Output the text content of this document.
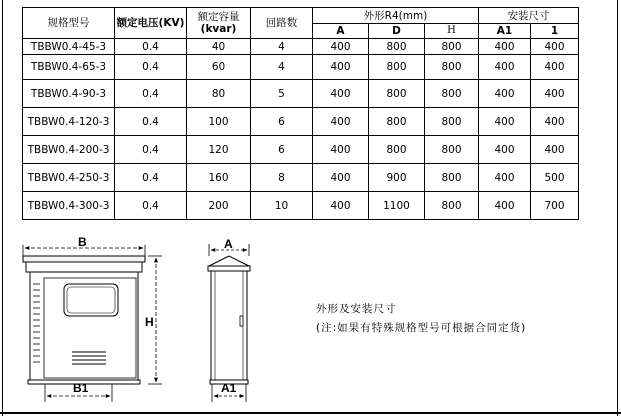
规格型号	额定电压(KV)	额定容量
(kvar)	回路数	外形R4(mm)			安装尺寸	
				A	D	H	A1	1
TBBW0.4-45-3	0.4	40	4	400	800	800	400	400
TBBW0.4-65-3	0.4	60	4	400	800	800	400	400
TBBW0.4-90-3	0.4	80	5	400	800	800	400	400
TBBW0.4-120-3	0.4	100	6	400	800	800	400	400
TBBW0.4-200-3	0.4	120	6	400	800	800	400	400
TBBW0.4-250-3	0.4	160	8	400	900	800	400	500
TBBW0.4-300-3	0.4	200	10	400	1100	800	400	700
B
B1
H
A
A1
外形及安装尺寸
(注:如果有特殊规格型号可根据合同定货)
